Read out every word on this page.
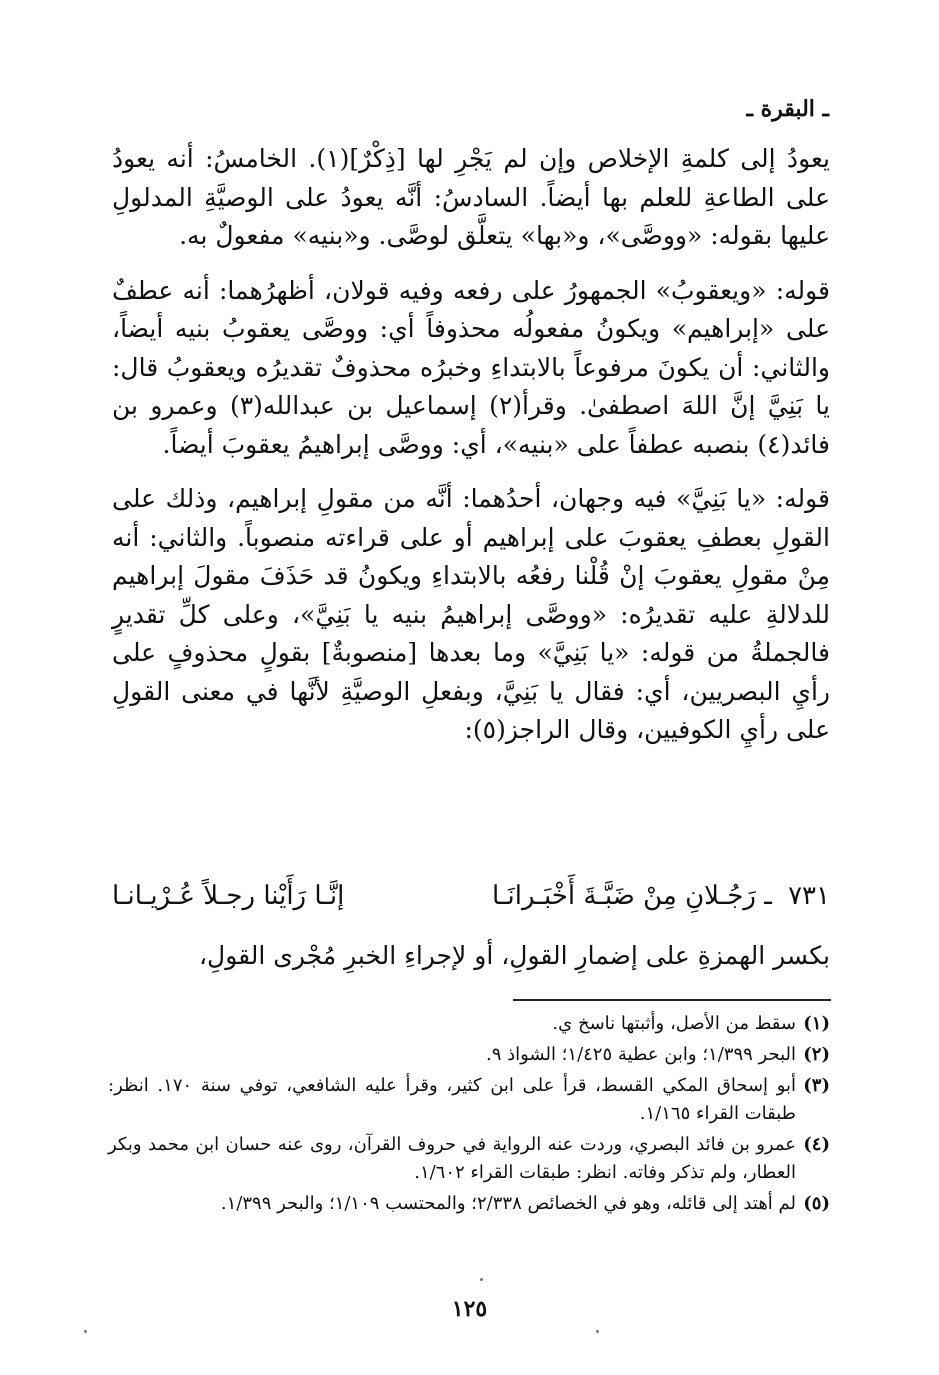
ـ البقرة ـ

يعودُ إلى كلمةِ الإخلاص وإن لم يَجْرِ لها [ذِكْرٌ](١). الخامسُ: أنه يعودُ على الطاعةِ للعلم بها أيضاً. السادسُ: أنَّه يعودُ على الوصيَّةِ المدلولِ عليها بقوله: «ووصَّى»، و«بها» يتعلَّق لوصَّى. و«بنيه» مفعولٌ به.

قوله: «ويعقوبُ» الجمهورُ على رفعه وفيه قولان، أظهرُهما: أنه عطفٌ على «إبراهيم» ويكونُ مفعولُه محذوفاً أي: ووصَّى يعقوبُ بنيه أيضاً، والثاني: أن يكونَ مرفوعاً بالابتداءِ وخبرُه محذوفٌ تقديرُه ويعقوبُ قال: يا بَنِيَّ إنَّ اللهَ اصطفىٰ. وقرأ(٢) إسماعيل بن عبدالله(٣) وعمرو بن فائد(٤) بنصبه عطفاً على «بنيه»، أي: ووصَّى إبراهيمُ يعقوبَ أيضاً.

قوله: «يا بَنِيَّ» فيه وجهان، أحدُهما: أنَّه من مقولِ إبراهيم، وذلك على القولِ بعطفِ يعقوبَ على إبراهيم أو على قراءته منصوباً. والثاني: أنه مِنْ مقولِ يعقوبَ إنْ قُلْنا رفعُه بالابتداءِ ويكونُ قد حَذَفَ مقولَ إبراهيم للدلالةِ عليه تقديرُه: «ووصَّى إبراهيمُ بنيه يا بَنِيَّ»، وعلى كلِّ تقديرٍ فالجملةُ من قوله: «يا بَنِيَّ» وما بعدها [منصوبةٌ] بقولٍ محذوفٍ على رأيِ البصريين، أي: فقال يا بَنِيَّ، وبفعلِ الوصيَّةِ لأنَّها في معنى القولِ على رأيِ الكوفيين، وقال الراجز(٥):

٧٣١ ـ رَجُـلانِ مِنْ ضَبَّـةَ أَخْبَـرانَـا
إنَّـا رَأَيْنا رجـلاً عُـرْيـانـا
بكسر الهمزةِ على إضمارِ القولِ، أو لإجراءِ الخبرِ مُجْرى القولِ،
(١)
سقط من الأصل، وأثبتها ناسخ ي.
(٢)
البحر ١/٣٩٩؛ وابن عطية ١/٤٢٥؛ الشواذ ٩.
(٣)
أبو إسحاق المكي القسط، قرأ على ابن كثير، وقرأ عليه الشافعي، توفي سنة ١٧٠. انظر: طبقات القراء ١/١٦٥.
(٤)
عمرو بن فائد البصري، وردت عنه الرواية في حروف القرآن، روى عنه حسان ابن محمد وبكر العطار، ولم تذكر وفاته. انظر: طبقات القراء ١/٦٠٢.
(٥)
لم أهتد إلى قائله، وهو في الخصائص ٢/٣٣٨؛ والمحتسب ١/١٠٩؛ والبحر ١/٣٩٩.
١٢٥
